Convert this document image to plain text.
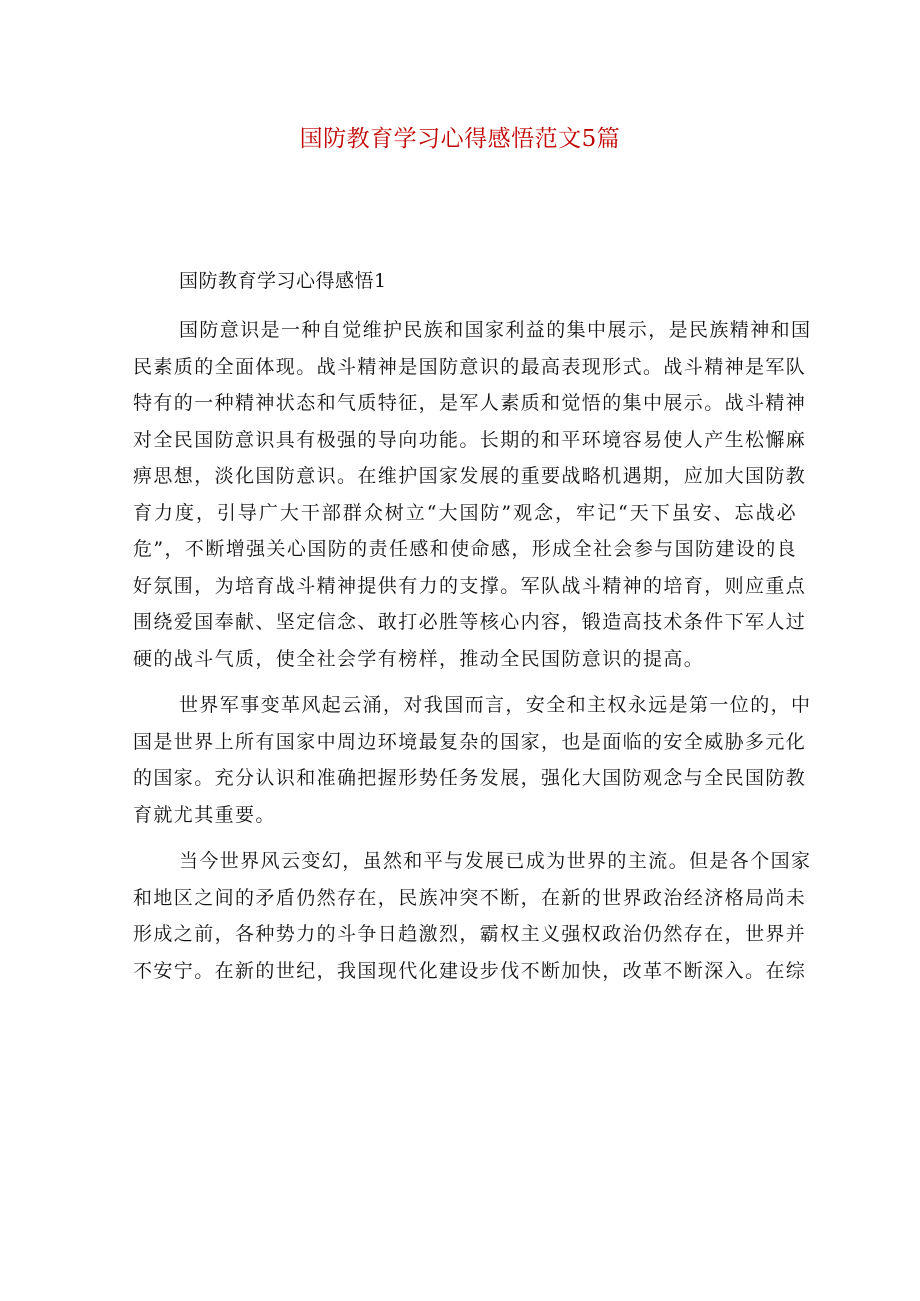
国防教育学习心得感悟范文5篇
国防教育学习心得感悟1

国防意识是一种自觉维护民族和国家利益的集中展示，是民族精神和国
民素质的全面体现。战斗精神是国防意识的最高表现形式。战斗精神是军队
特有的一种精神状态和气质特征，是军人素质和觉悟的集中展示。战斗精神
对全民国防意识具有极强的导向功能。长期的和平环境容易使人产生松懈麻
痹思想，淡化国防意识。在维护国家发展的重要战略机遇期，应加大国防教
育力度，引导广大干部群众树立“大国防”观念，牢记“天下虽安、忘战必
危”，不断增强关心国防的责任感和使命感，形成全社会参与国防建设的良
好氛围，为培育战斗精神提供有力的支撑。军队战斗精神的培育，则应重点
围绕爱国奉献、坚定信念、敢打必胜等核心内容，锻造高技术条件下军人过
硬的战斗气质，使全社会学有榜样，推动全民国防意识的提高。

世界军事变革风起云涌，对我国而言，安全和主权永远是第一位的，中
国是世界上所有国家中周边环境最复杂的国家，也是面临的安全威胁多元化
的国家。充分认识和准确把握形势任务发展，强化大国防观念与全民国防教
育就尤其重要。

当今世界风云变幻，虽然和平与发展已成为世界的主流。但是各个国家
和地区之间的矛盾仍然存在，民族冲突不断，在新的世界政治经济格局尚未
形成之前，各种势力的斗争日趋激烈，霸权主义强权政治仍然存在，世界并
不安宁。在新的世纪，我国现代化建设步伐不断加快，改革不断深入。在综
